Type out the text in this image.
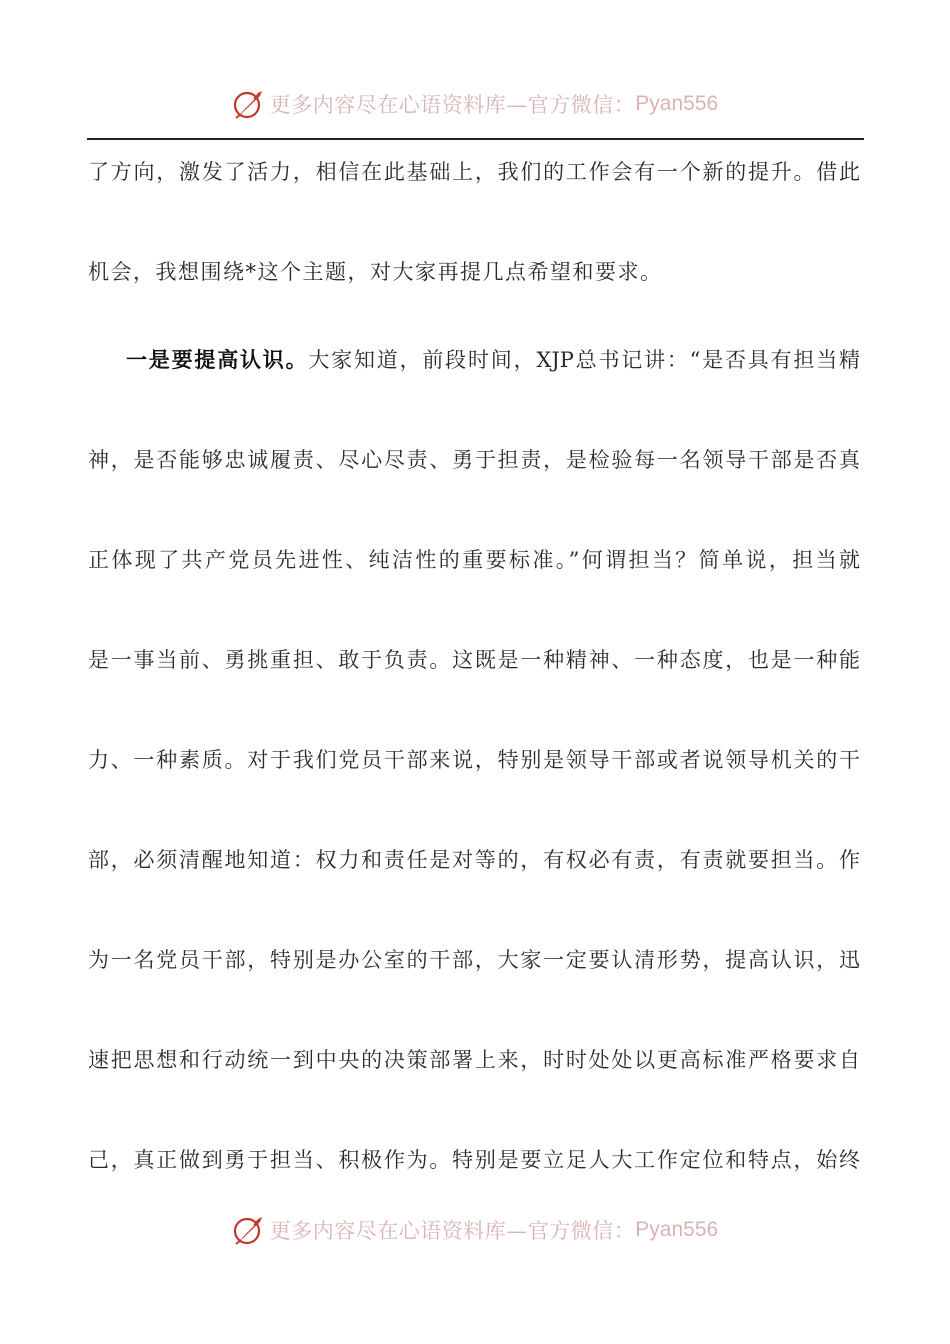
更多内容尽在心语资料库—官方微信： Pyan556
了方向，激发了活力，相信在此基础上，我们的工作会有一个新的提升。借此
机会，我想围绕*这个主题，对大家再提几点希望和要求。
一是要提高认识。大家知道，前段时间，XJP总书记讲：“是否具有担当精
神，是否能够忠诚履责、尽心尽责、勇于担责，是检验每一名领导干部是否真
正体现了共产党员先进性、纯洁性的重要标准。”何谓担当？简单说，担当就
是一事当前、勇挑重担、敢于负责。这既是一种精神、一种态度，也是一种能
力、一种素质。对于我们党员干部来说，特别是领导干部或者说领导机关的干
部，必须清醒地知道：权力和责任是对等的，有权必有责，有责就要担当。作
为一名党员干部，特别是办公室的干部，大家一定要认清形势，提高认识，迅
速把思想和行动统一到中央的决策部署上来，时时处处以更高标准严格要求自
己，真正做到勇于担当、积极作为。特别是要立足人大工作定位和特点，始终
更多内容尽在心语资料库—官方微信： Pyan556
